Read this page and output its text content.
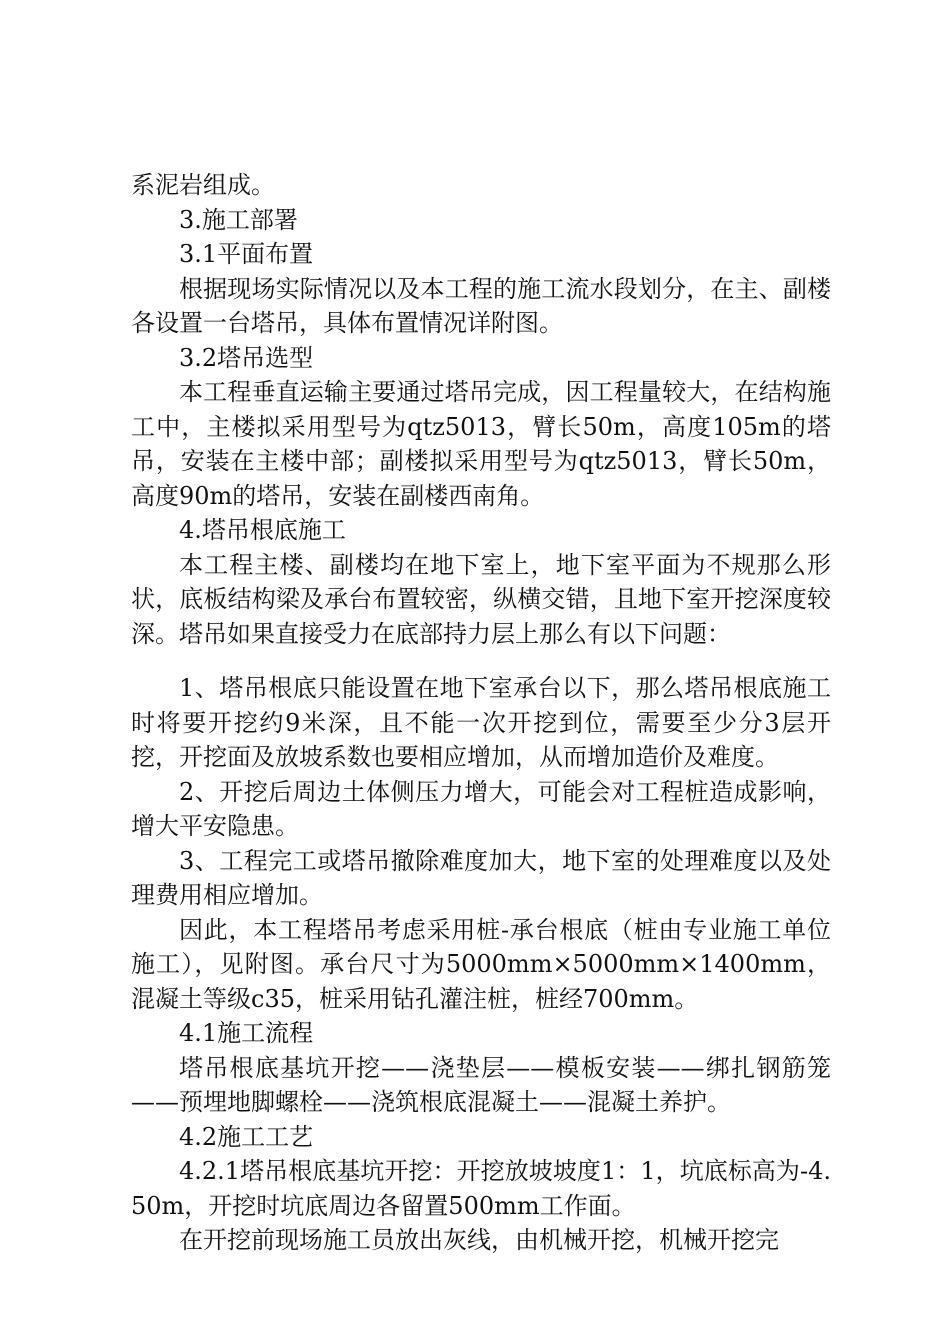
系泥岩组成。

3.施工部署

3.1平面布置

根据现场实际情况以及本工程的施工流水段划分，在主、副楼各设置一台塔吊，具体布置情况详附图。

3.2塔吊选型

本工程垂直运输主要通过塔吊完成，因工程量较大，在结构施工中，主楼拟采用型号为qtz5013，臂长50m，高度105m的塔吊，安装在主楼中部；副楼拟采用型号为qtz5013，臂长50m，高度90m的塔吊，安装在副楼西南角。

4.塔吊根底施工

本工程主楼、副楼均在地下室上，地下室平面为不规那么形状，底板结构梁及承台布置较密，纵横交错，且地下室开挖深度较深。塔吊如果直接受力在底部持力层上那么有以下问题：

1、塔吊根底只能设置在地下室承台以下，那么塔吊根底施工时将要开挖约9米深，且不能一次开挖到位，需要至少分3层开挖，开挖面及放坡系数也要相应增加，从而增加造价及难度。

2、开挖后周边土体侧压力增大，可能会对工程桩造成影响，增大平安隐患。

3、工程完工或塔吊撤除难度加大，地下室的处理难度以及处理费用相应增加。

因此，本工程塔吊考虑采用桩-承台根底（桩由专业施工单位施工），见附图。承台尺寸为5000mm×5000mm×1400mm，混凝土等级c35，桩采用钻孔灌注桩，桩经700mm。

4.1施工流程

塔吊根底基坑开挖——浇垫层——模板安装——绑扎钢筋笼——预埋地脚螺栓——浇筑根底混凝土——混凝土养护。

4.2施工工艺

4.2.1塔吊根底基坑开挖：开挖放坡坡度1：1，坑底标高为-4.50m，开挖时坑底周边各留置500mm工作面。

在开挖前现场施工员放出灰线，由机械开挖，机械开挖完
